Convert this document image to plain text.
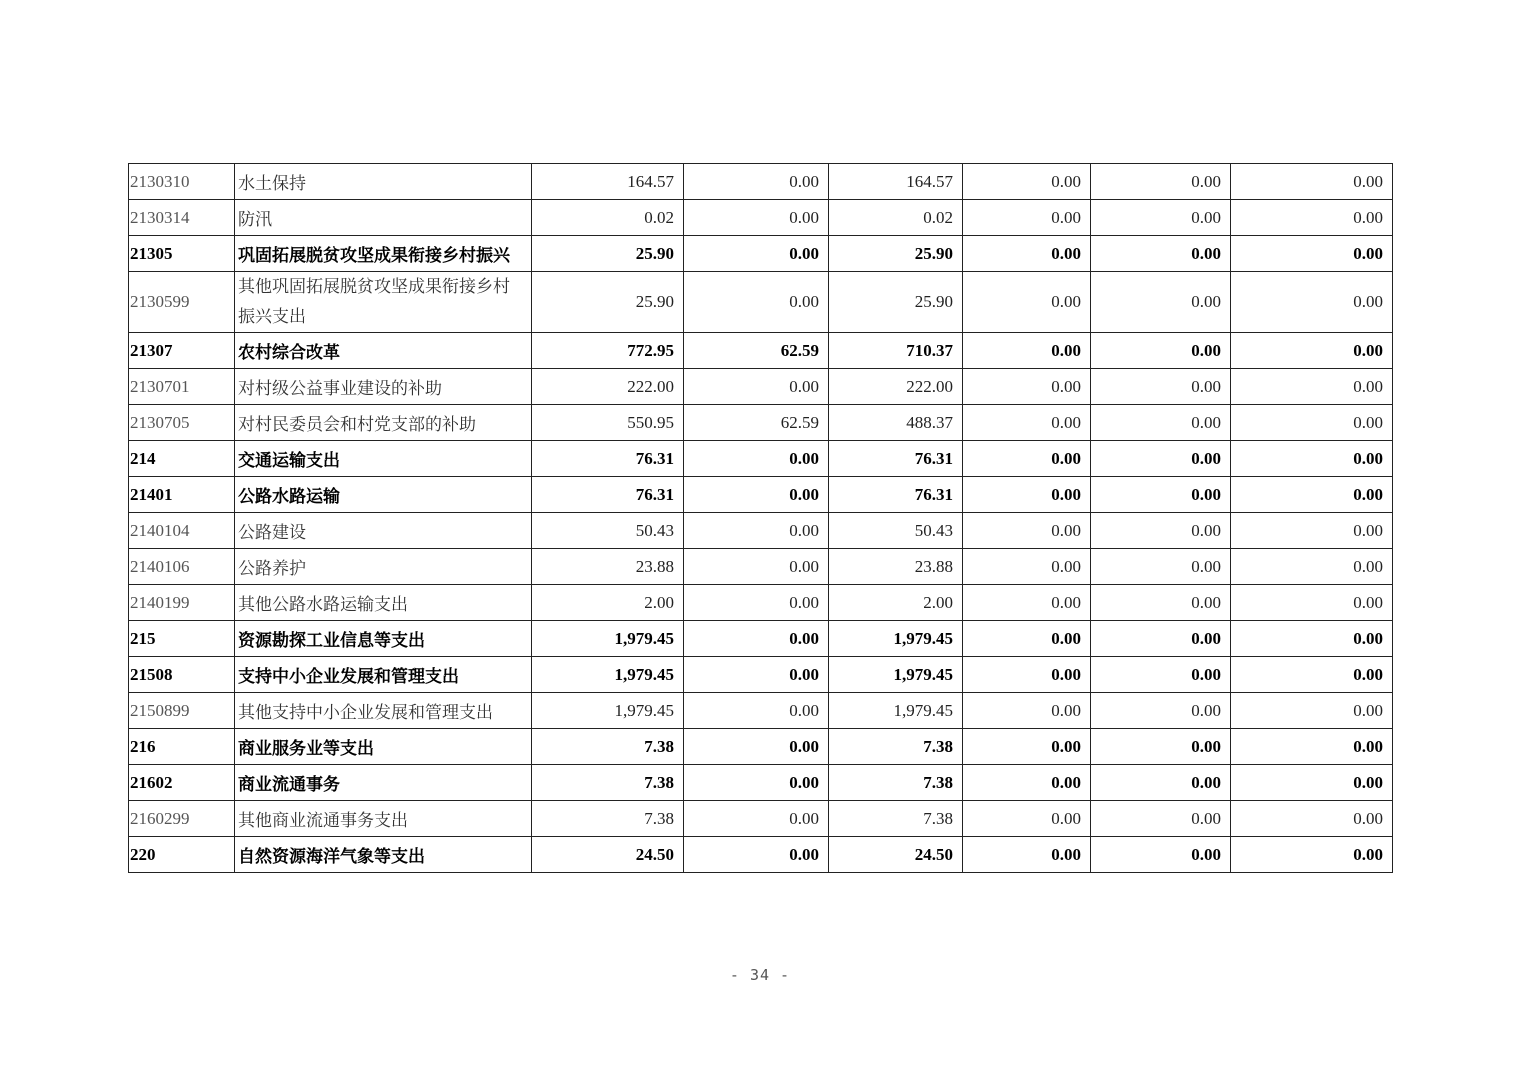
2130310	水土保持	164.57	0.00	164.57	0.00	0.00	0.00
2130314	防汛	0.02	0.00	0.02	0.00	0.00	0.00
21305	巩固拓展脱贫攻坚成果衔接乡村振兴	25.90	0.00	25.90	0.00	0.00	0.00
2130599	其他巩固拓展脱贫攻坚成果衔接乡村振兴支出	25.90	0.00	25.90	0.00	0.00	0.00
21307	农村综合改革	772.95	62.59	710.37	0.00	0.00	0.00
2130701	对村级公益事业建设的补助	222.00	0.00	222.00	0.00	0.00	0.00
2130705	对村民委员会和村党支部的补助	550.95	62.59	488.37	0.00	0.00	0.00
214	交通运输支出	76.31	0.00	76.31	0.00	0.00	0.00
21401	公路水路运输	76.31	0.00	76.31	0.00	0.00	0.00
2140104	公路建设	50.43	0.00	50.43	0.00	0.00	0.00
2140106	公路养护	23.88	0.00	23.88	0.00	0.00	0.00
2140199	其他公路水路运输支出	2.00	0.00	2.00	0.00	0.00	0.00
215	资源勘探工业信息等支出	1,979.45	0.00	1,979.45	0.00	0.00	0.00
21508	支持中小企业发展和管理支出	1,979.45	0.00	1,979.45	0.00	0.00	0.00
2150899	其他支持中小企业发展和管理支出	1,979.45	0.00	1,979.45	0.00	0.00	0.00
216	商业服务业等支出	7.38	0.00	7.38	0.00	0.00	0.00
21602	商业流通事务	7.38	0.00	7.38	0.00	0.00	0.00
2160299	其他商业流通事务支出	7.38	0.00	7.38	0.00	0.00	0.00
220	自然资源海洋气象等支出	24.50	0.00	24.50	0.00	0.00	0.00
- 34 -
